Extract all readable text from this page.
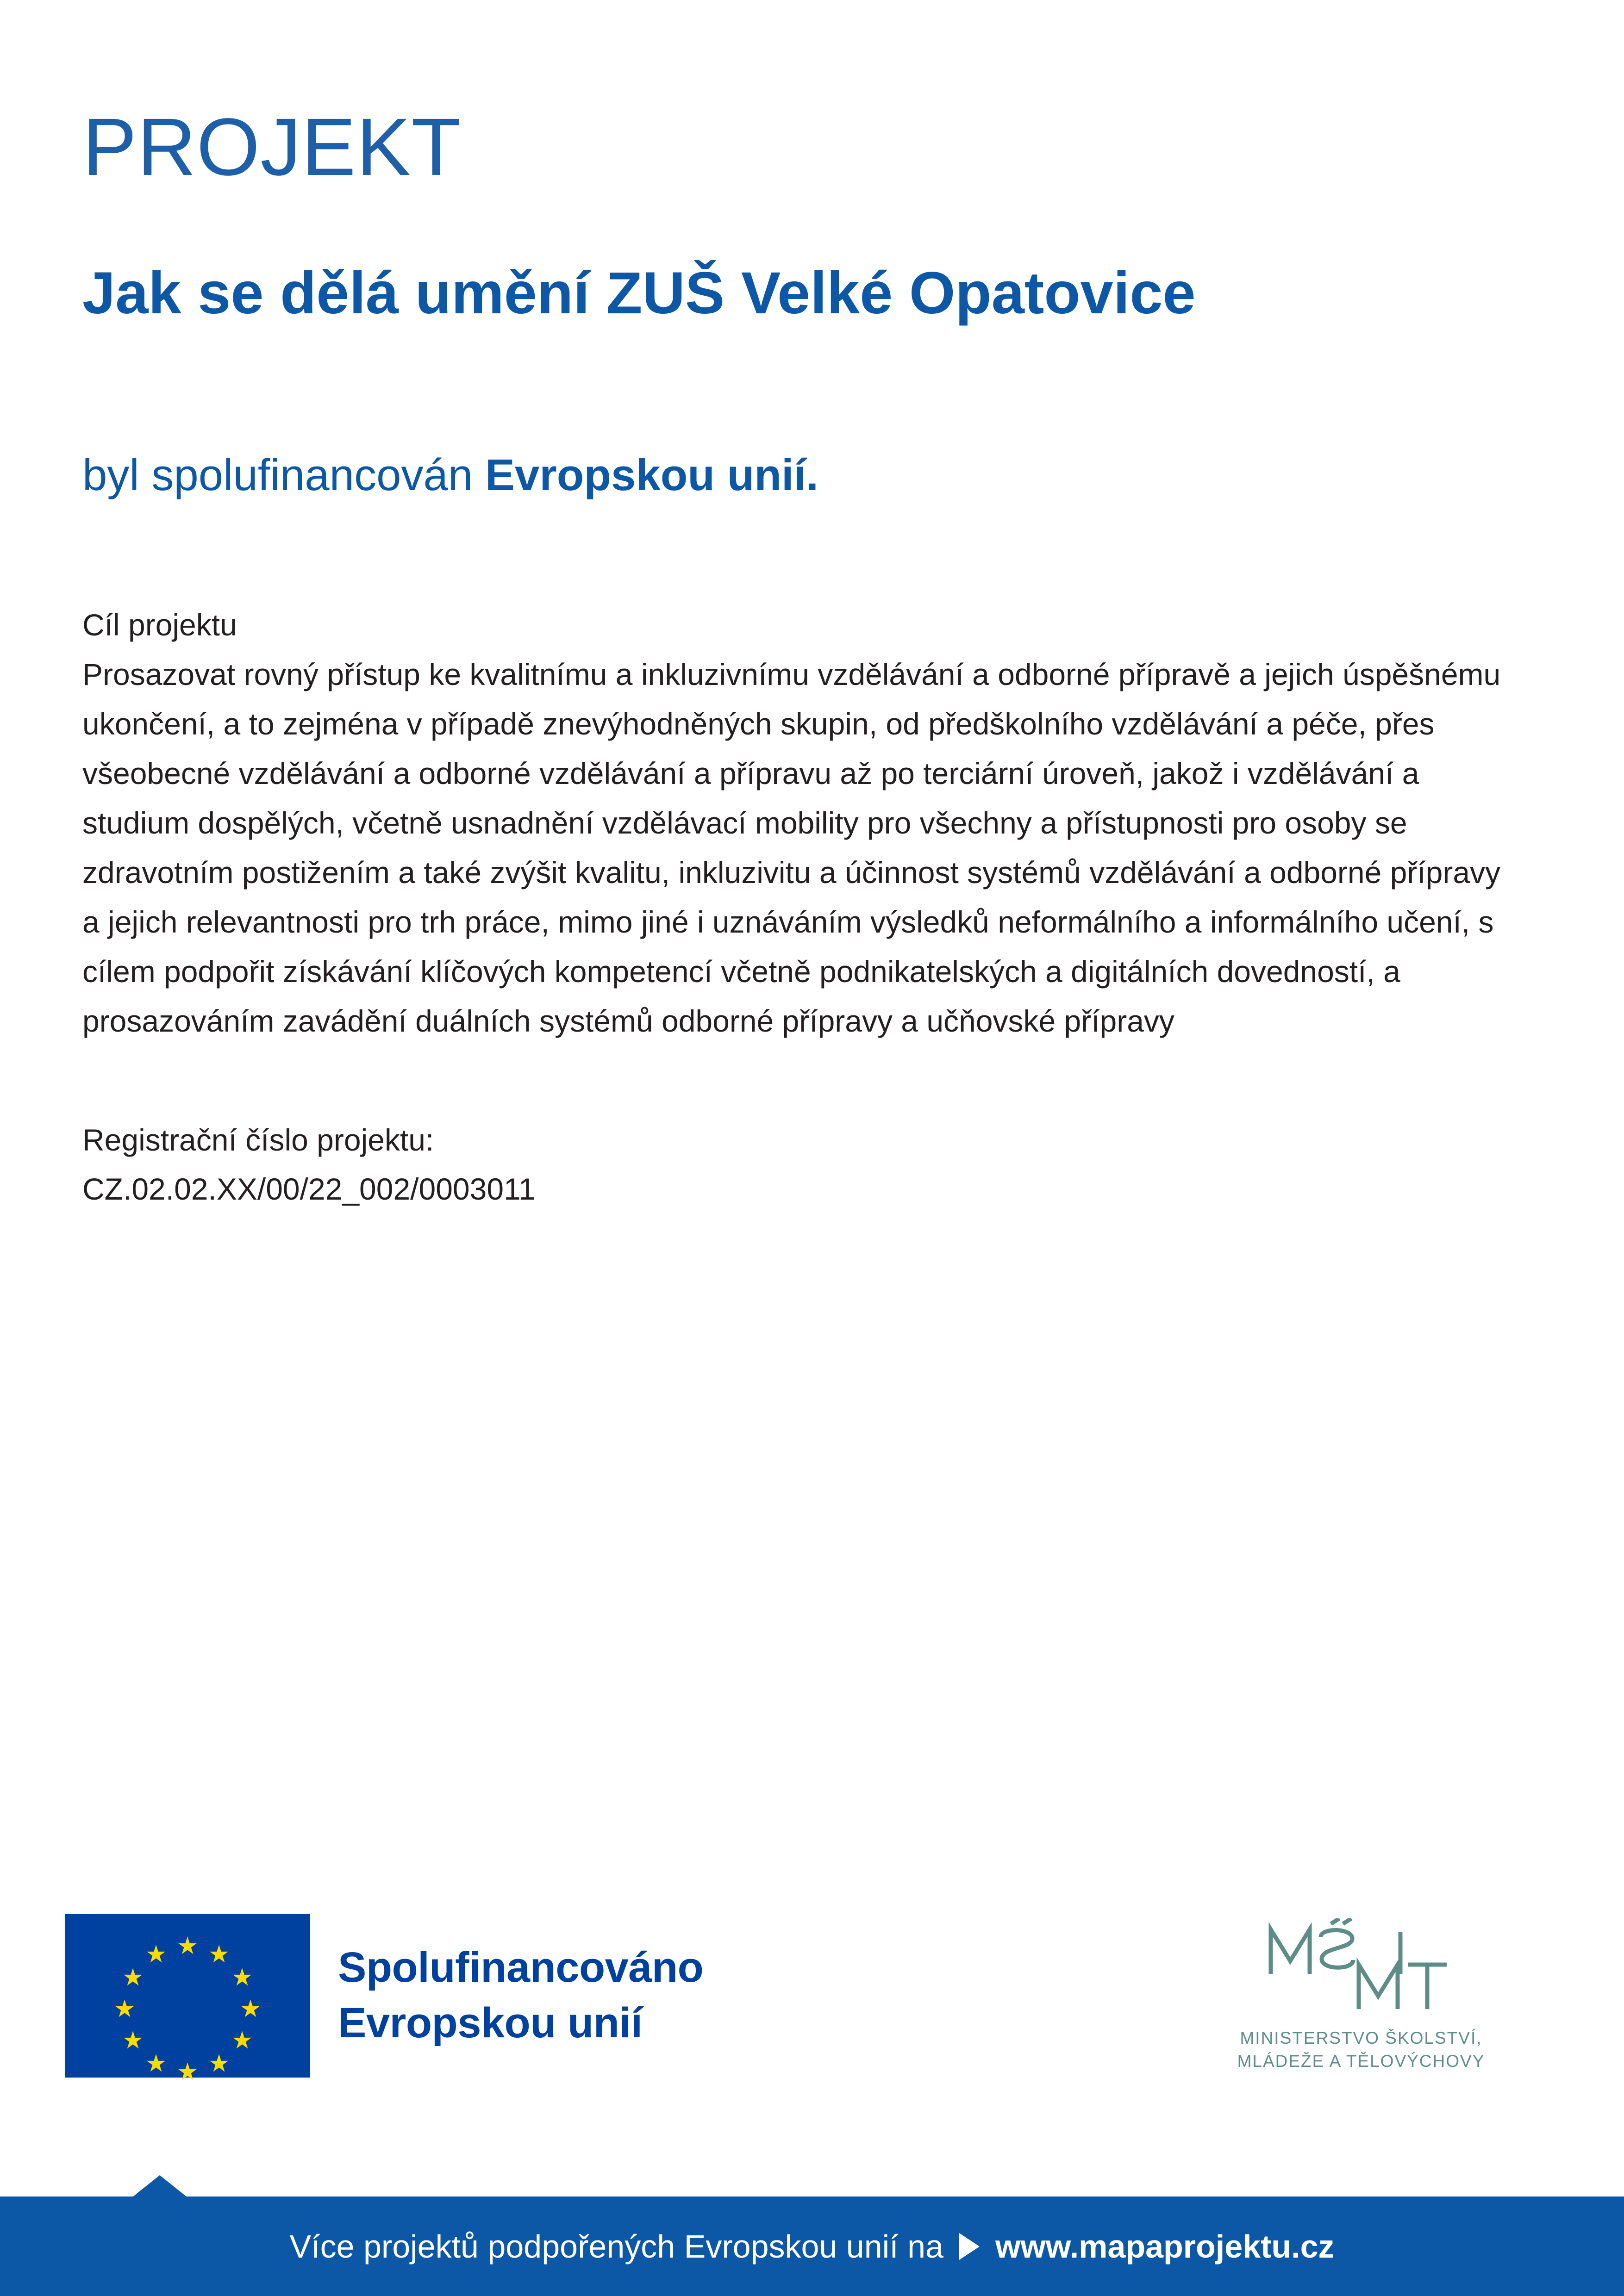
PROJEKT
Jak se dělá umění ZUŠ Velké Opatovice
byl spolufinancován Evropskou unií.
Cíl projektu
Prosazovat rovný přístup ke kvalitnímu a inkluzivnímu vzdělávání a odborné přípravě a jejich úspěšnému ukončení, a to zejména v případě znevýhodněných skupin, od předškolního vzdělávání a péče, přes všeobecné vzdělávání a odborné vzdělávání a přípravu až po terciární úroveň, jakož i vzdělávání a studium dospělých, včetně usnadnění vzdělávací mobility pro všechny a přístupnosti pro osoby se zdravotním postižením a také zvýšit kvalitu, inkluzivitu a účinnost systémů vzdělávání a odborné přípravy a jejich relevantnosti pro trh práce, mimo jiné i uznáváním výsledků neformálního a informálního učení, s cílem podpořit získávání klíčových kompetencí včetně podnikatelských a digitálních dovedností, a prosazováním zavádění duálních systémů odborné přípravy a učňovské přípravy
Registrační číslo projektu:
CZ.02.02.XX/00/22_002/0003011
★ ★
★
★
★
★
★
★
★
★
★
★	Spolufinancováno
Evropskou unií	MINISTERSTVO ŠKOLSTVÍ,
MLÁDEŽE A TĚLOVÝCHOVY
Více projektů podpořených Evropskou unií na www.mapaprojektu.cz
